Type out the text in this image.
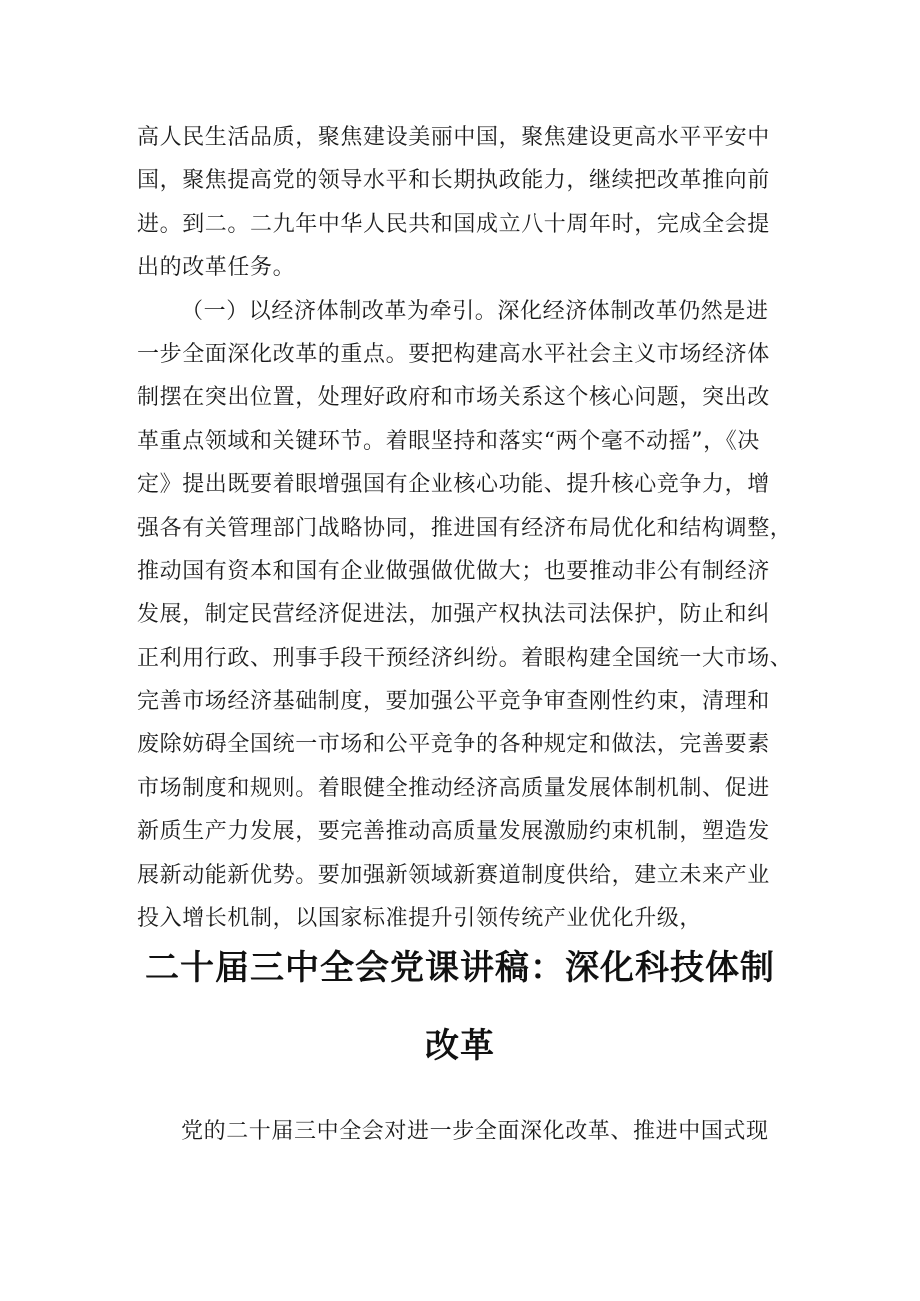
高人民生活品质，聚焦建设美丽中国，聚焦建设更高水平平安中
国，聚焦提高党的领导水平和长期执政能力，继续把改革推向前
进。到二。二九年中华人民共和国成立八十周年时，完成全会提
出的改革任务。
（一）以经济体制改革为牵引。深化经济体制改革仍然是进
一步全面深化改革的重点。要把构建高水平社会主义市场经济体
制摆在突出位置，处理好政府和市场关系这个核心问题，突出改
革重点领域和关键环节。着眼坚持和落实“两个毫不动摇”，《决
定》提出既要着眼增强国有企业核心功能、提升核心竞争力，增
强各有关管理部门战略协同，推进国有经济布局优化和结构调整，
推动国有资本和国有企业做强做优做大；也要推动非公有制经济
发展，制定民营经济促进法，加强产权执法司法保护，防止和纠
正利用行政、刑事手段干预经济纠纷。着眼构建全国统一大市场、
完善市场经济基础制度，要加强公平竞争审查刚性约束，清理和
废除妨碍全国统一市场和公平竞争的各种规定和做法，完善要素
市场制度和规则。着眼健全推动经济高质量发展体制机制、促进
新质生产力发展，要完善推动高质量发展激励约束机制，塑造发
展新动能新优势。要加强新领域新赛道制度供给，建立未来产业
投入增长机制，以国家标准提升引领传统产业优化升级，
二十届三中全会党课讲稿：深化科技体制
改革
党的二十届三中全会对进一步全面深化改革、推进中国式现
